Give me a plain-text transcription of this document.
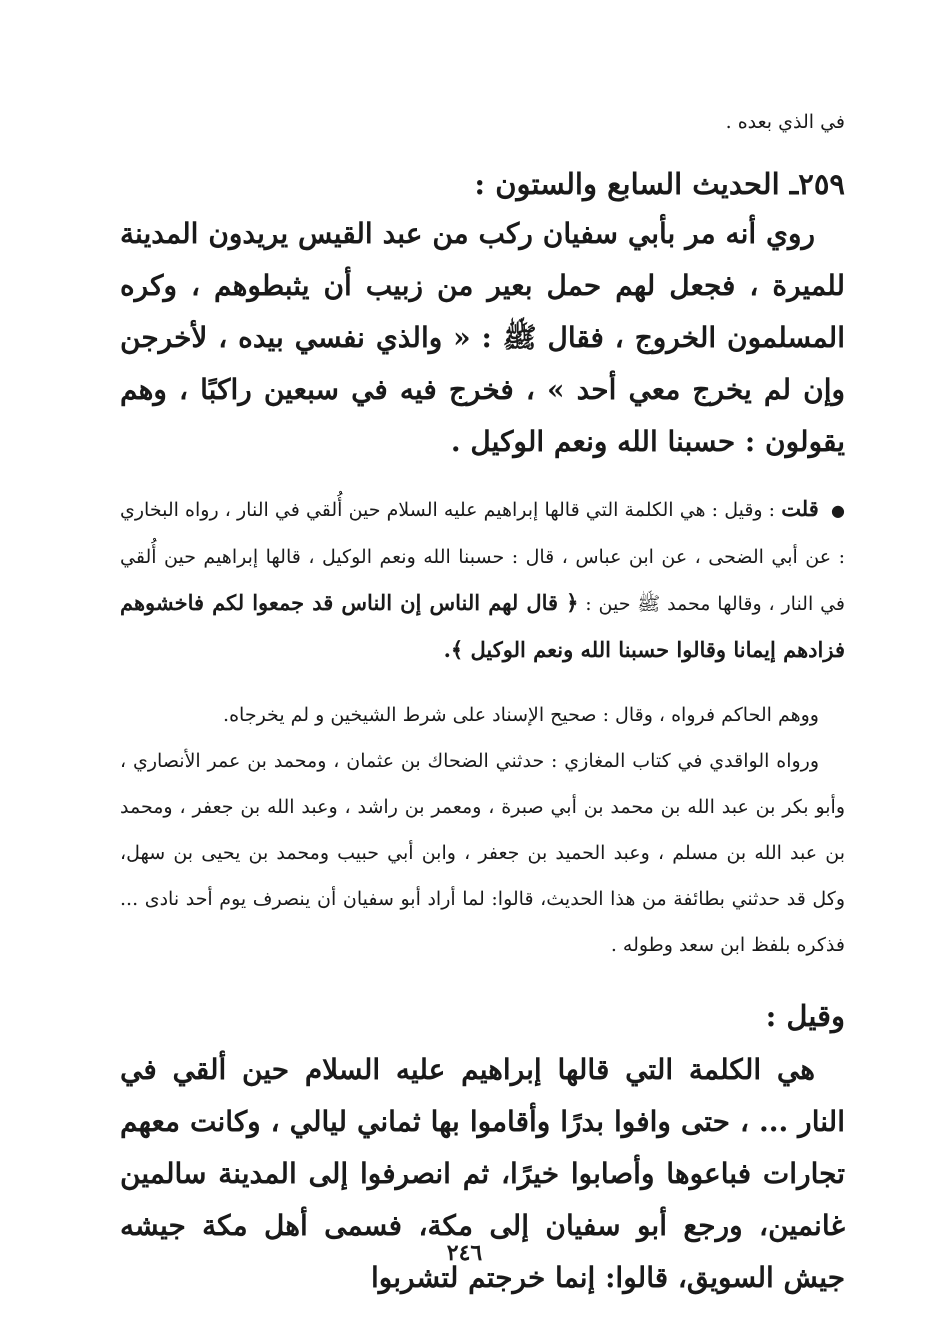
في الذي بعده .

٢٥٩ـ الحديث السابع والستون :

روي أنه مر بأبي سفيان ركب من عبد القيس يريدون المدينة للميرة ، فجعل لهم حمل بعير من زبيب أن يثبطوهم ، وكره المسلمون الخروج ، فقال ﷺ : « والذي نفسي بيده ، لأخرجن وإن لم يخرج معي أحد » ، فخرج فيه في سبعين راكبًا ، وهم يقولون : حسبنا الله ونعم الوكيل .

● قلت : وقيل : هي الكلمة التي قالها إبراهيم عليه السلام حين أُلقي في النار ، رواه البخاري : عن أبي الضحى ، عن ابن عباس ، قال : حسبنا الله ونعم الوكيل ، قالها إبراهيم حين أُلقي في النار ، وقالها محمد ﷺ حين : ﴿ قال لهم الناس إن الناس قد جمعوا لكم فاخشوهم فزادهم إيمانا وقالوا حسبنا الله ونعم الوكيل ﴾.

ووهم الحاكم فرواه ، وقال : صحيح الإسناد على شرط الشيخين و لم يخرجاه.

ورواه الواقدي في كتاب المغازي : حدثني الضحاك بن عثمان ، ومحمد بن عمر الأنصاري ، وأبو بكر بن عبد الله بن محمد بن أبي صبرة ، ومعمر بن راشد ، وعبد الله بن جعفر ، ومحمد بن عبد الله بن مسلم ، وعبد الحميد بن جعفر ، وابن أبي حبيب ومحمد بن يحيى بن سهل، وكل قد حدثني بطائفة من هذا الحديث، قالوا: لما أراد أبو سفيان أن ينصرف يوم أحد نادى ... فذكره بلفظ ابن سعد وطوله .

وقيل :

هي الكلمة التي قالها إبراهيم عليه السلام حين ألقي في النار ... ، حتى وافوا بدرًا وأقاموا بها ثماني ليالي ، وكانت معهم تجارات فباعوها وأصابوا خيرًا، ثم انصرفوا إلى المدينة سالمين غانمين، ورجع أبو سفيان إلى مكة، فسمى أهل مكة جيشه جيش السويق، قالوا: إنما خرجتم لتشربوا

٢٤٦
